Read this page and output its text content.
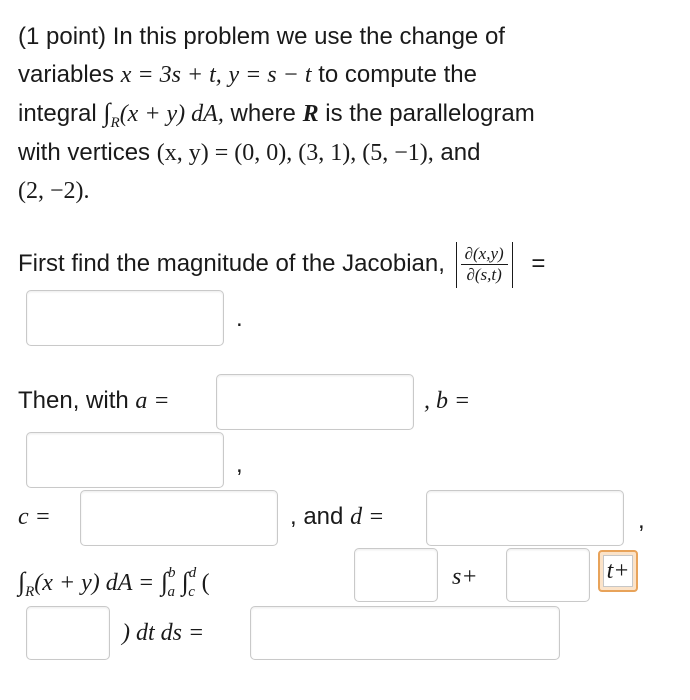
(1 point) In this problem we use the change of
variables x = 3s + t, y = s − t to compute the
integral $\int_R(x + y)$ dA, where R is the parallelogram
with vertices (x, y) = (0, 0), (3, 1), (5, −1), and
(2, −2).
First find the magnitude of the Jacobian, $\frac{\partial(x,y)}{\partial(s,t)}$ =
.
Then, with a =	, b =
,
c =	, and d =	,
$\int_R(x + y)$ dA = ∫$^b_a$ ∫$^d_c$ (	s+	t+
) dt ds =
